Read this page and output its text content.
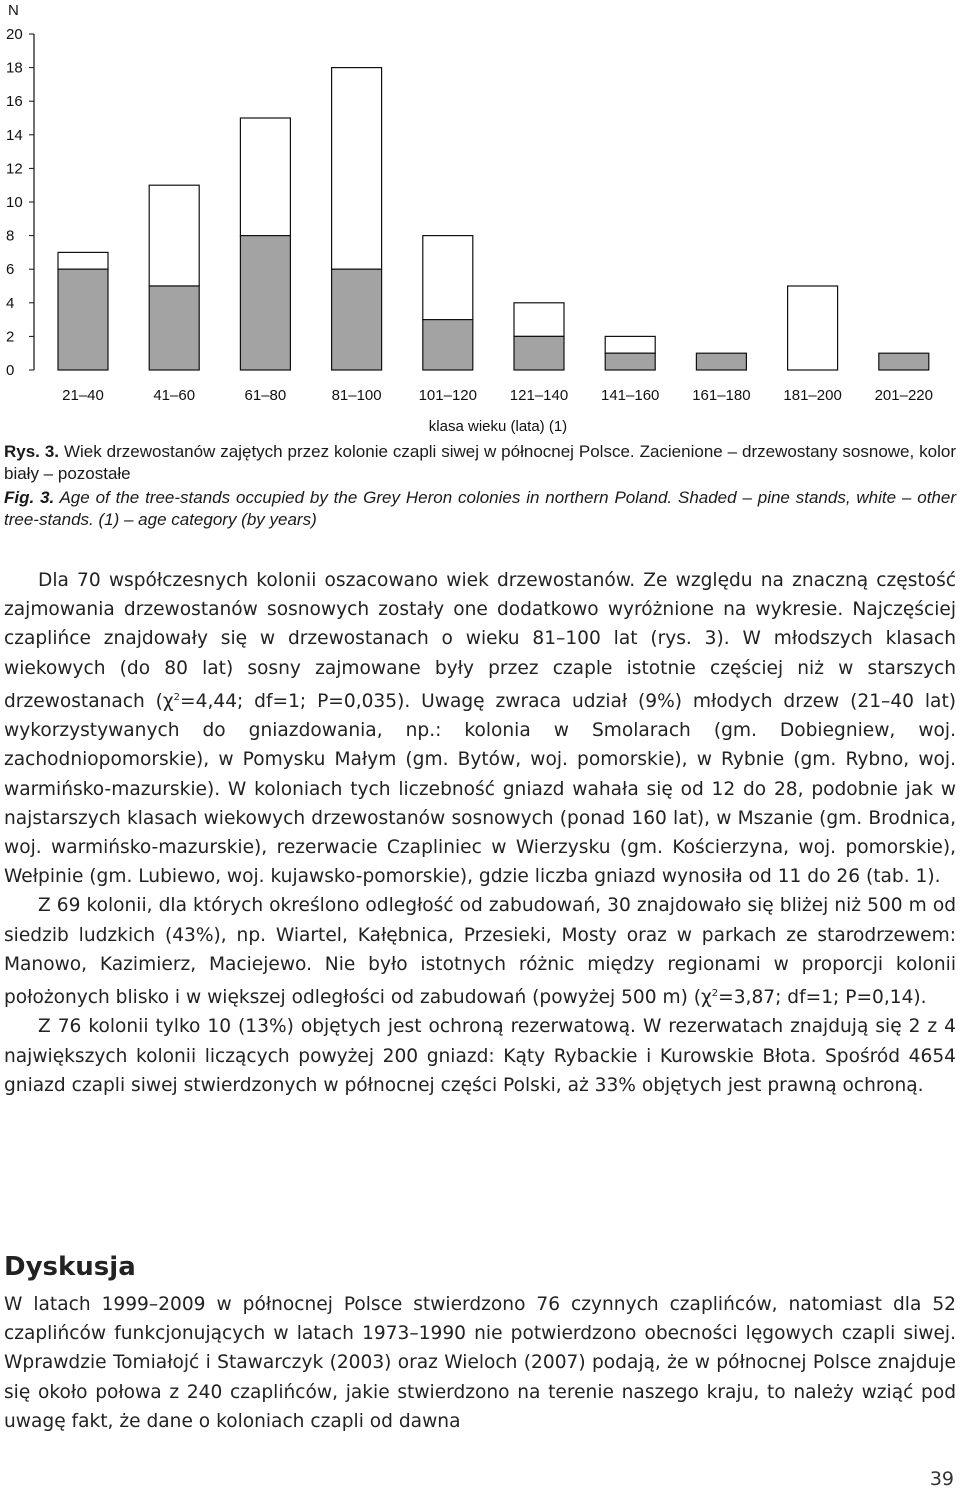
0
2
4
6
8
10
12
14
16
18
20
21–40	41–60	61–80	81–100 101–120 121–140 141–160 161–180 181–200 201–220
N
klasa wieku (lata) (1)

Rys. 3. Wiek drzewostanów zajętych przez kolonie czapli siwej w północnej Polsce. Zacienione – drzewostany sosnowe, kolor biały – pozostałe

Fig. 3. Age of the tree-stands occupied by the Grey Heron colonies in northern Poland. Shaded – pine stands, white – other tree-stands. (1) – age category (by years)

Dla 70 współczesnych kolonii oszacowano wiek drzewostanów. Ze względu na znaczną częstość zajmowania drzewostanów sosnowych zostały one dodatkowo wyróżnione na wykresie. Najczęściej czaplińce znajdowały się w drzewostanach o wieku 81–100 lat (rys. 3). W młodszych klasach wiekowych (do 80 lat) sosny zajmowane były przez czaple istotnie częściej niż w starszych drzewostanach ($\chi^2=4,44$; df=1; P=0,035). Uwagę zwraca udział (9%) młodych drzew (21–40 lat) wykorzystywanych do gniazdowania, np.: kolonia w Smolarach (gm. Dobiegniew, woj. zachodniopomorskie), w Pomysku Małym (gm. Bytów, woj. pomorskie), w Rybnie (gm. Rybno, woj. warmińsko-mazurskie). W koloniach tych liczebność gniazd wahała się od 12 do 28, podobnie jak w najstarszych klasach wiekowych drzewostanów sosnowych (ponad 160 lat), w Mszanie (gm. Brodnica, woj. warmińsko-mazurskie), rezerwacie Czapliniec w Wierzysku (gm. Kościerzyna, woj. pomorskie), Wełpinie (gm. Lubiewo, woj. kujawsko-pomorskie), gdzie liczba gniazd wynosiła od 11 do 26 (tab. 1).

Z 69 kolonii, dla których określono odległość od zabudowań, 30 znajdowało się bliżej niż 500 m od siedzib ludzkich (43%), np. Wiartel, Kałębnica, Przesieki, Mosty oraz w parkach ze starodrzewem: Manowo, Kazimierz, Maciejewo. Nie było istotnych różnic między regionami w proporcji kolonii położonych blisko i w większej odległości od zabudowań (powyżej 500 m) ($\chi^2=3,87$; df=1; P=0,14).

Z 76 kolonii tylko 10 (13%) objętych jest ochroną rezerwatową. W rezerwatach znajdują się 2 z 4 największych kolonii liczących powyżej 200 gniazd: Kąty Rybackie i Kurowskie Błota. Spośród 4654 gniazd czapli siwej stwierdzonych w północnej części Polski, aż 33% objętych jest prawną ochroną.

Dyskusja

W latach 1999–2009 w północnej Polsce stwierdzono 76 czynnych czaplińców, natomiast dla 52 czaplińców funkcjonujących w latach 1973–1990 nie potwierdzono obecności lęgowych czapli siwej. Wprawdzie Tomiałojć i Stawarczyk (2003) oraz Wieloch (2007) podają, że w północnej Polsce znajduje się około połowa z 240 czaplińców, jakie stwierdzono na terenie naszego kraju, to należy wziąć pod uwagę fakt, że dane o koloniach czapli od dawna

39
